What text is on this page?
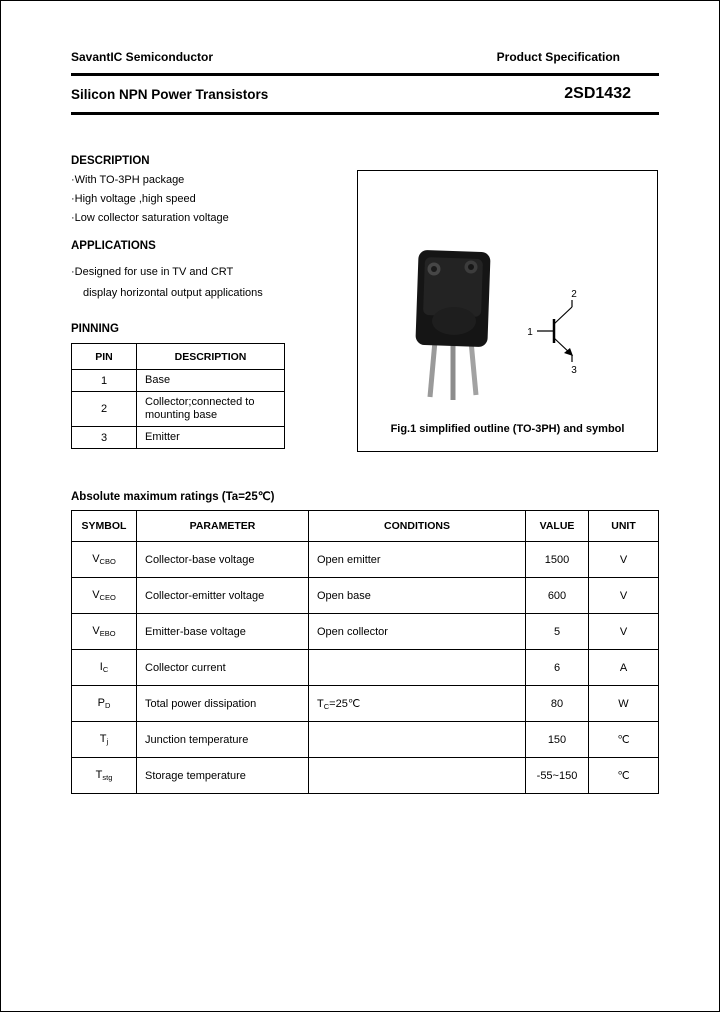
SavantIC Semiconductor	Product Specification
Silicon NPN Power Transistors	2SD1432
DESCRIPTION
·With TO-3PH package
·High voltage ,high speed
·Low collector saturation voltage
APPLICATIONS
·Designed for use in TV and CRT
display horizontal output applications
PINNING
PIN	DESCRIPTION
1	Base
2	Collector;connected to mounting base
3	Emitter
1
2
3
Fig.1 simplified outline (TO-3PH) and symbol
Absolute maximum ratings (Ta=25℃)
SYMBOL	PARAMETER	CONDITIONS	VALUE	UNIT
$V_{CBO}$	Collector-base voltage	Open emitter	1500	V
$V_{CEO}$	Collector-emitter voltage	Open base	600	V
$V_{EBO}$	Emitter-base voltage	Open collector	5	V
$I_C$	Collector current		6	A
$P_D$	Total power dissipation	$T_C=25℃$	80	W
$T_j$	Junction temperature		150	℃
$T_{stg}$	Storage temperature		-55~150	℃
